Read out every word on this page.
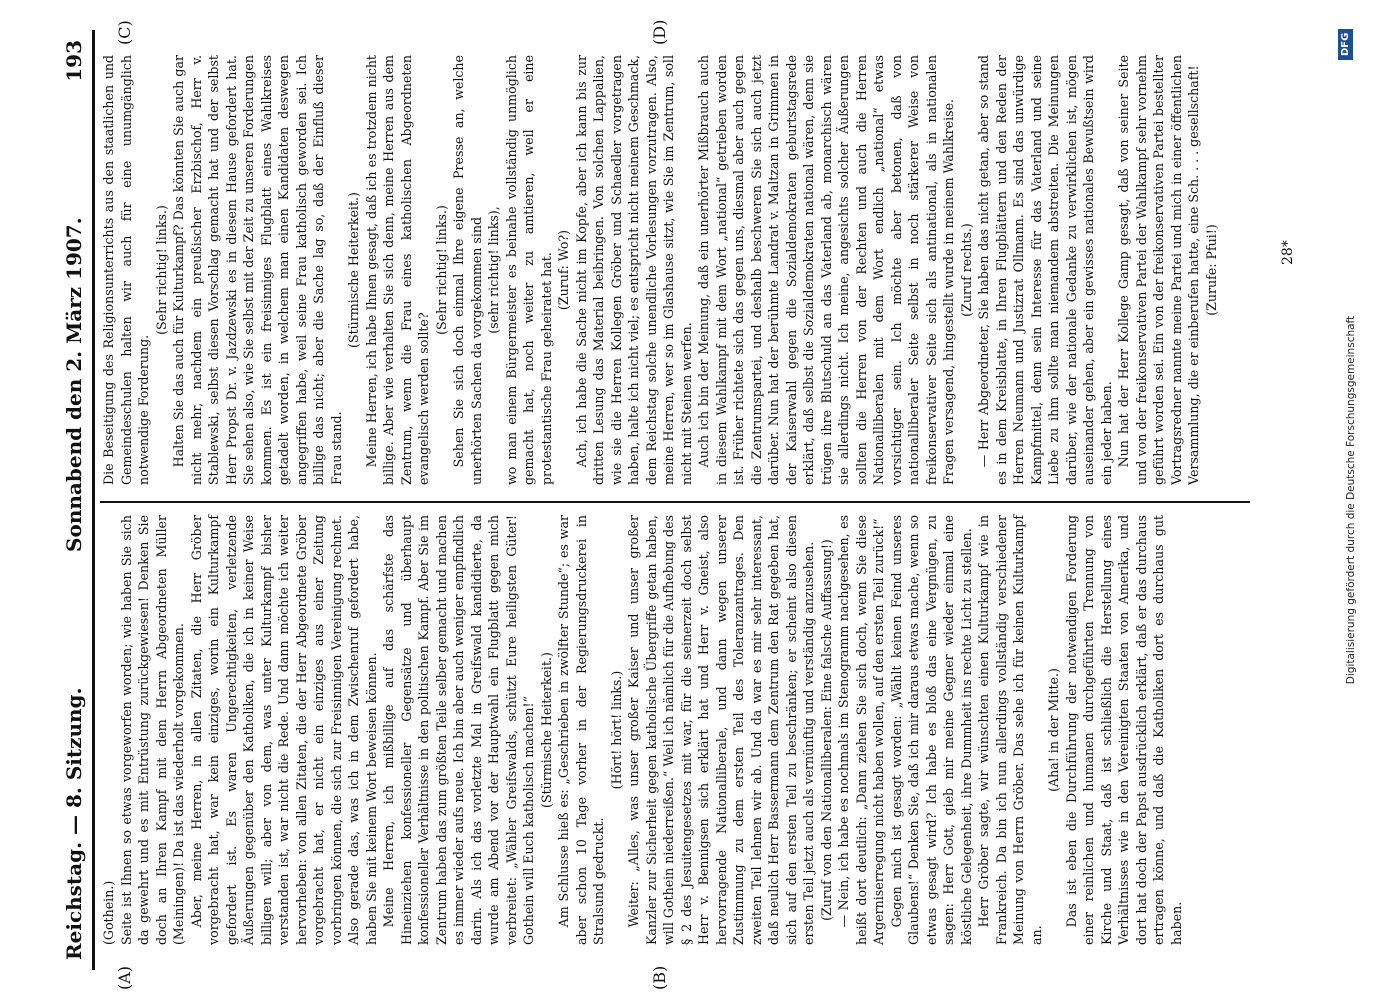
Reichstag. — 8. Sitzung.
Sonnabend den 2. März 1907.
193
(A)	(B)
(C)	(D)

(Gothein.) Seite ist Ihnen so etwas vorgeworfen worden; wie haben Sie sich da gewehrt und es mit Entrüstung zurückgewiesen! Denken Sie doch an Ihren Kampf mit dem Herrn Abgeordneten Müller (Meiningen)! Da ist das wiederholt vorgekommen. Aber, meine Herren, in allen Zitaten, die Herr Gröber vorgebracht hat, war kein einziges, worin ein Kulturkampf gefordert ist. Es waren Ungerechtigkeiten, verletzende Äußerungen gegenüber den Katholiken, die ich in keiner Weise billigen will; aber von dem, was unter Kulturkampf bisher verstanden ist, war nicht die Rede. Und dann möchte ich weiter hervorheben: von allen Zitaten, die der Herr Abgeordnete Gröber vorgebracht hat, er nicht ein einziges aus einer Zeitung vorbringen können, die sich zur Freisinnigen Vereinigung rechnet. Also gerade das, was ich in dem Zwischenruf gefordert habe, haben Sie mit keinem Wort beweisen können. Meine Herren, ich mißbillige auf das schärfste das Hineinziehen konfessioneller Gegensätze und überhaupt konfessioneller Verhältnisse in den politischen Kampf. Aber Sie im Zentrum haben das zum größten Teile selber gemacht und machen es immer wieder aufs neue. Ich bin aber auch weniger empfindlich darin. Als ich das vorletzte Mal in Greifswald kandidierte, da wurde am Abend vor der Hauptwahl ein Flugblatt gegen mich verbreitet: „Wähler Greifswalds, schützt Eure heiligsten Güter! Gothein will Euch katholisch machen!“ (Stürmische Heiterkeit.) Am Schlusse hieß es: „Geschrieben in zwölfter Stunde“; es war aber schon 10 Tage vorher in der Regierungsdruckerei in Stralsund gedruckt.

(Hört! hört! links.) Weiter: „Alles, was unser großer Kaiser und unser großer Kanzler zur Sicherheit gegen katholische Übergriffe getan haben, will Gothein niederreißen.“ Weil ich nämlich für die Aufhebung des § 2 des Jesuitengesetzes mit war, für die seinerzeit doch selbst Herr v. Bennigsen sich erklärt hat und Herr v. Gneist, also hervorragende Nationalliberale, und dann wegen unserer Zustimmung zu dem ersten Teil des Toleranzantrages. Den zweiten Teil lehnen wir ab. Und da war es mir sehr interessant, daß neulich Herr Bassermann dem Zentrum den Rat gegeben hat, sich auf den ersten Teil zu beschränken; er scheint also diesen ersten Teil jetzt auch als vernünftig und verständig anzusehen. (Zuruf von den Nationalliberalen: Eine falsche Auffassung!) — Nein, ich habe es nochmals im Stenogramm nachgesehen, es heißt dort deutlich: „Dann ziehen Sie sich doch, wenn Sie diese Argerniserregung nicht haben wollen, auf den ersten Teil zurück!“ Gegen mich ist gesagt worden: „Wählt keinen Feind unseres Glaubens!“ Denken Sie, daß ich mir daraus etwas mache, wenn so etwas gesagt wird? Ich habe es bloß das eine Vergnügen, zu sagen: Herr Gott, gieb mir meine Gegner wieder einmal eine köstliche Gelegenheit, ihre Dummheit ins rechte Licht zu stellen. Herr Gröber sagte, wir wünschten einen Kulturkampf wie in Frankreich. Da bin ich nun allerdings vollständig verschiedener Meinung von Herrn Gröber. Das sehe ich für keinen Kulturkampf an.

(Aha! in der Mitte.) Das ist eben die Durchführung der notwendigen Forderung einer reinlichen und humanen durchgeführten Trennung von Kirche und Staat, daß ist schließlich die Herstellung eines Verhältnisses wie in den Vereinigten Staaten von Amerika, und dort hat doch der Papst ausdrücklich erklärt, daß er das durchaus ertragen könne, und daß die Katholiken dort es durchaus gut haben.

Die Beseitigung des Religionsunterrichts aus den staatlichen und Gemeindeschulen halten wir auch für eine unumgänglich notwendige Forderung.

(Sehr richtig! links.) Halten Sie das auch für Kulturkampf? Das könnten Sie auch gar nicht mehr, nachdem ein preußischer Erzbischof, Herr v. Stablewski, selbst diesen Vorschlag gemacht hat und der selbst Herr Propst Dr. v. Jazdzewski es in diesem Hause gefordert hat. Sie sehen also, wie Sie selbst mit der Zeit zu unseren Forderungen kommen. Es ist ein freisinniges Flugblatt eines Wahlkreises getadelt worden, in welchem man einen Kandidaten deswegen angegriffen habe, weil seine Frau katholisch geworden sei. Ich billige das nicht; aber die Sache lag so, daß der Einfluß dieser Frau stand.

(Stürmische Heiterkeit.) Meine Herren, ich habe Ihnen gesagt, daß ich es trotzdem nicht billige. Aber wie verhalten Sie sich denn, meine Herren aus dem Zentrum, wenn die Frau eines katholischen Abgeordneten evangelisch werden sollte?

(Sehr richtig! links.) Sehen Sie sich doch einmal Ihre eigene Presse an, welche unerhörten Sachen da vorgekommen sind (sehr richtig! links), wo man einem Bürgermeister es beinahe vollständig unmöglich gemacht hat, noch weiter zu amtieren, weil er eine protestantische Frau geheiratet hat. (Zuruf: Wo?) Ach, ich habe die Sache nicht im Kopfe, aber ich kann bis zur dritten Lesung das Material beibringen. Von solchen Lappalien, wie sie die Herren Kollegen Gröber und Schaedler vorgetragen haben, halte ich nicht viel; es entspricht nicht meinem Geschmack, dem Reichstag solche unendliche Vorlesungen vorzutragen. Also, meine Herren, wer so im Glashause sitzt, wie Sie im Zentrum, soll nicht mit Steinen werfen. Auch ich bin der Meinung, daß ein unerhörter Mißbrauch auch in diesem Wahlkampf mit dem Wort „national“ getrieben worden ist. Früher richtete sich das gegen uns, diesmal aber auch gegen die Zentrumspartei, und deshalb beschweren Sie sich auch jetzt darüber. Nun hat der berühmte Landrat v. Maltzan in Grimmen in der Kaiserwahl gegen die Sozialdemokraten geburtstagsrede erklärt, daß selbst die Sozialdemokraten national wären, denn sie trügen ihre Blutschuld an das Vaterland ab, monarchisch wären sie allerdings nicht. Ich meine, angesichts solcher Äußerungen sollten die Herren von der Rechten und auch die Herren Nationalliberalen mit dem Wort endlich „national“ etwas vorsichtiger sein. Ich möchte aber betonen, daß von nationalliberaler Seite selbst in noch stärkerer Weise von freikonservativer Seite sich als antinational, als in nationalen Fragen versagend, hingestellt wurde in meinem Wahlkreise. (Zuruf rechts.) — Herr Abgeordneter, Sie haben das nicht getan, aber so stand es in dem Kreisblatte, in Ihren Flugblättern und den Reden der Herren Neumann und Justizrat Ollmann. Es sind das unwürdige Kampfmittel, denn sein Interesse für das Vaterland und seine Liebe zu ihm sollte man niemandem abstreiten. Die Meinungen darüber, wie der nationale Gedanke zu verwirklichen ist, mögen auseinander gehen, aber ein gewisses nationales Bewußtsein wird ein jeder haben. Nun hat der Herr Kollege Gamp gesagt, daß von seiner Seite und von der freikonservativen Partei der Wahlkampf sehr vornehm geführt worden sei. Ein von der freikonservativen Partei bestellter Vortragsredner nannte meine Partei und mich in einer öffentlichen Versammlung, die er einberufen hatte, eine Sch. . . . gesellschaft! (Zurufe: Pfui!)	28*
Digitalisierung gefördert durch die Deutsche Forschungsgemeinschaft
DFG
